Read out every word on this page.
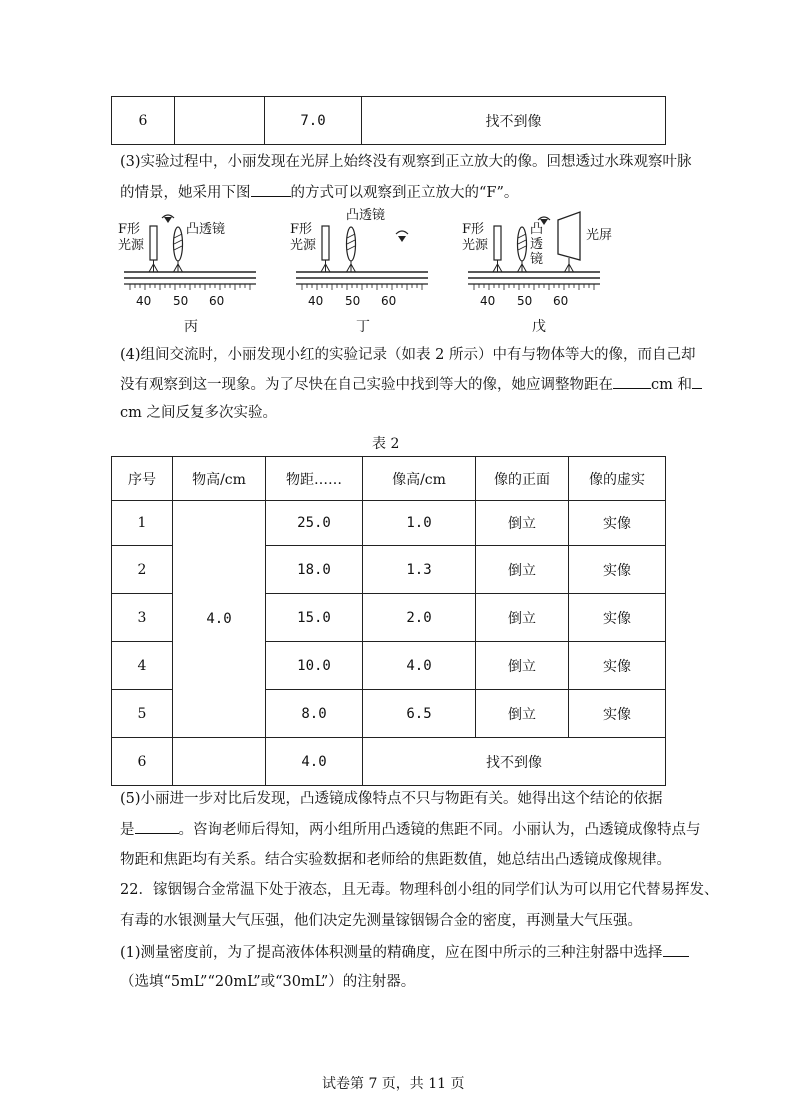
6		7.0	找不到像
(3)实验过程中，小丽发现在光屏上始终没有观察到正立放大的像。回想透过水珠观察叶脉
的情景，她采用下图	的方式可以观察到正立放大的“F”。
F形
光源
凸透镜
40 50 60
丙
F形
光源
凸透镜
40 50 60
丁
F形
光源
凸
透
镜
光屏
40 50 60
戊
(4)组间交流时，小丽发现小红的实验记录（如表 2 所示）中有与物体等大的像，而自己却
没有观察到这一现象。为了尽快在自己实验中找到等大的像，她应调整物距在	cm 和
cm 之间反复多次实验。
表 2
序号	物高/cm	物距……	像高/cm	像的正面	像的虚实
1	4.0	25.0	1.0	倒立	实像
2		18.0	1.3	倒立	实像
3		15.0	2.0	倒立	实像
4		10.0	4.0	倒立	实像
5		8.0	6.5	倒立	实像
6		4.0	找不到像		
(5)小丽进一步对比后发现，凸透镜成像特点不只与物距有关。她得出这个结论的依据
是	。咨询老师后得知，两小组所用凸透镜的焦距不同。小丽认为，凸透镜成像特点与
物距和焦距均有关系。结合实验数据和老师给的焦距数值，她总结出凸透镜成像规律。
22．镓铟锡合金常温下处于液态，且无毒。物理科创小组的同学们认为可以用它代替易挥发、
有毒的水银测量大气压强，他们决定先测量镓铟锡合金的密度，再测量大气压强。
(1)测量密度前，为了提高液体体积测量的精确度，应在图中所示的三种注射器中选择
（选填“5mL”“20mL”或“30mL”）的注射器。
试卷第 7 页，共 11 页
